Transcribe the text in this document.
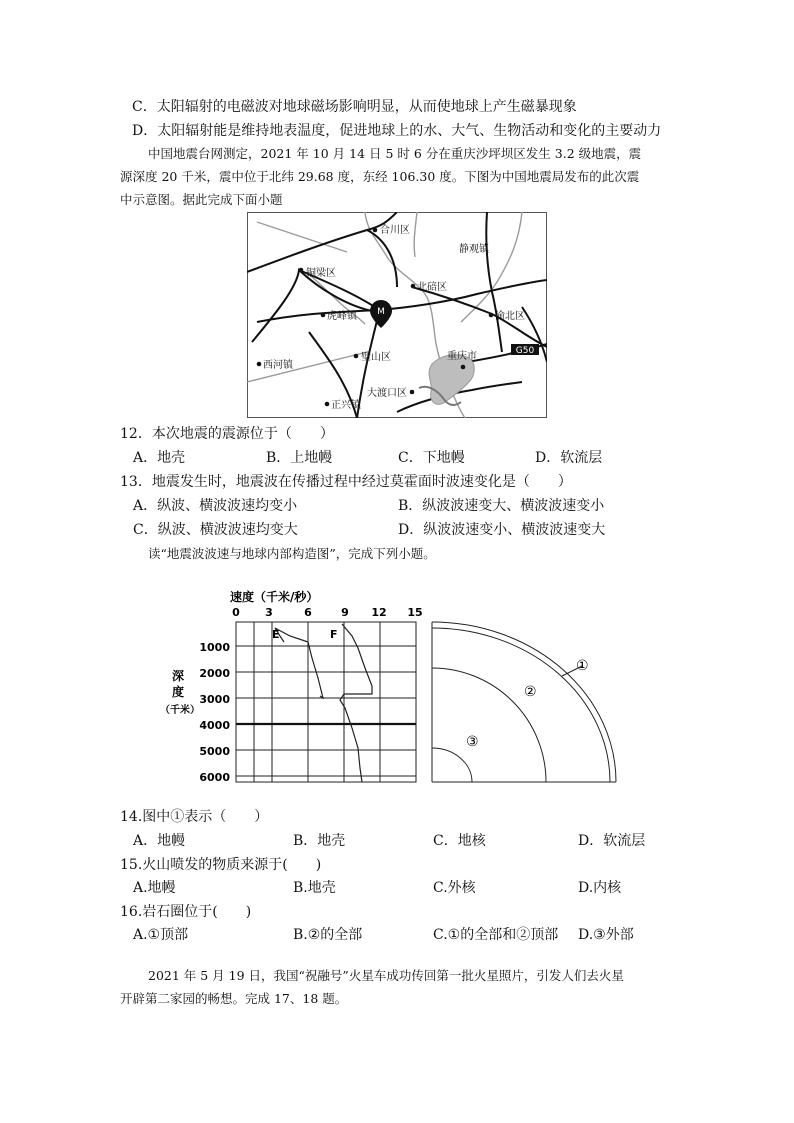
C．太阳辐射的电磁波对地球磁场影响明显，从而使地球上产生磁暴现象
D．太阳辐射能是维持地表温度，促进地球上的水、大气、生物活动和变化的主要动力
中国地震台网测定，2021 年 10 月 14 日 5 时 6 分在重庆沙坪坝区发生 3.2 级地震，震
源深度 20 千米，震中位于北纬 29.68 度，东经 106.30 度。下图为中国地震局发布的此次震
中示意图。据此完成下面小题
G50
M
合川区
静观镇
铜梁区
北碚区
虎峰镇	渝北区
西河镇
璧山区	重庆市
大渡口区
正兴镇
12．本次地震的震源位于（　　）
A．地壳	B．上地幔	C．下地幔	D．软流层
13．地震发生时，地震波在传播过程中经过莫霍面时波速变化是（　　）
A．纵波、横波波速均变小	B．纵波波速变大、横波波速变小
C．纵波、横波波速均变大	D．纵波波速变小、横波波速变大
读“地震波波速与地球内部构造图”，完成下列小题。
速度（千米/秒）
0 3	6	9 12 15
1000
2000
3000
4000
5000
6000
深
度
（千米）
E	F
①
②
③
14.图中①表示（　　）
A．地幔	B．地壳	C．地核	D．软流层
15.火山喷发的物质来源于(　　)
A.地幔	B.地壳	C.外核	D.内核
16.岩石圈位于(　　)
A.①顶部	B.②的全部	C.①的全部和②顶部 D.③外部
2021 年 5 月 19 日，我国“祝融号”火星车成功传回第一批火星照片，引发人们去火星
开辟第二家园的畅想。完成 17、18 题。
